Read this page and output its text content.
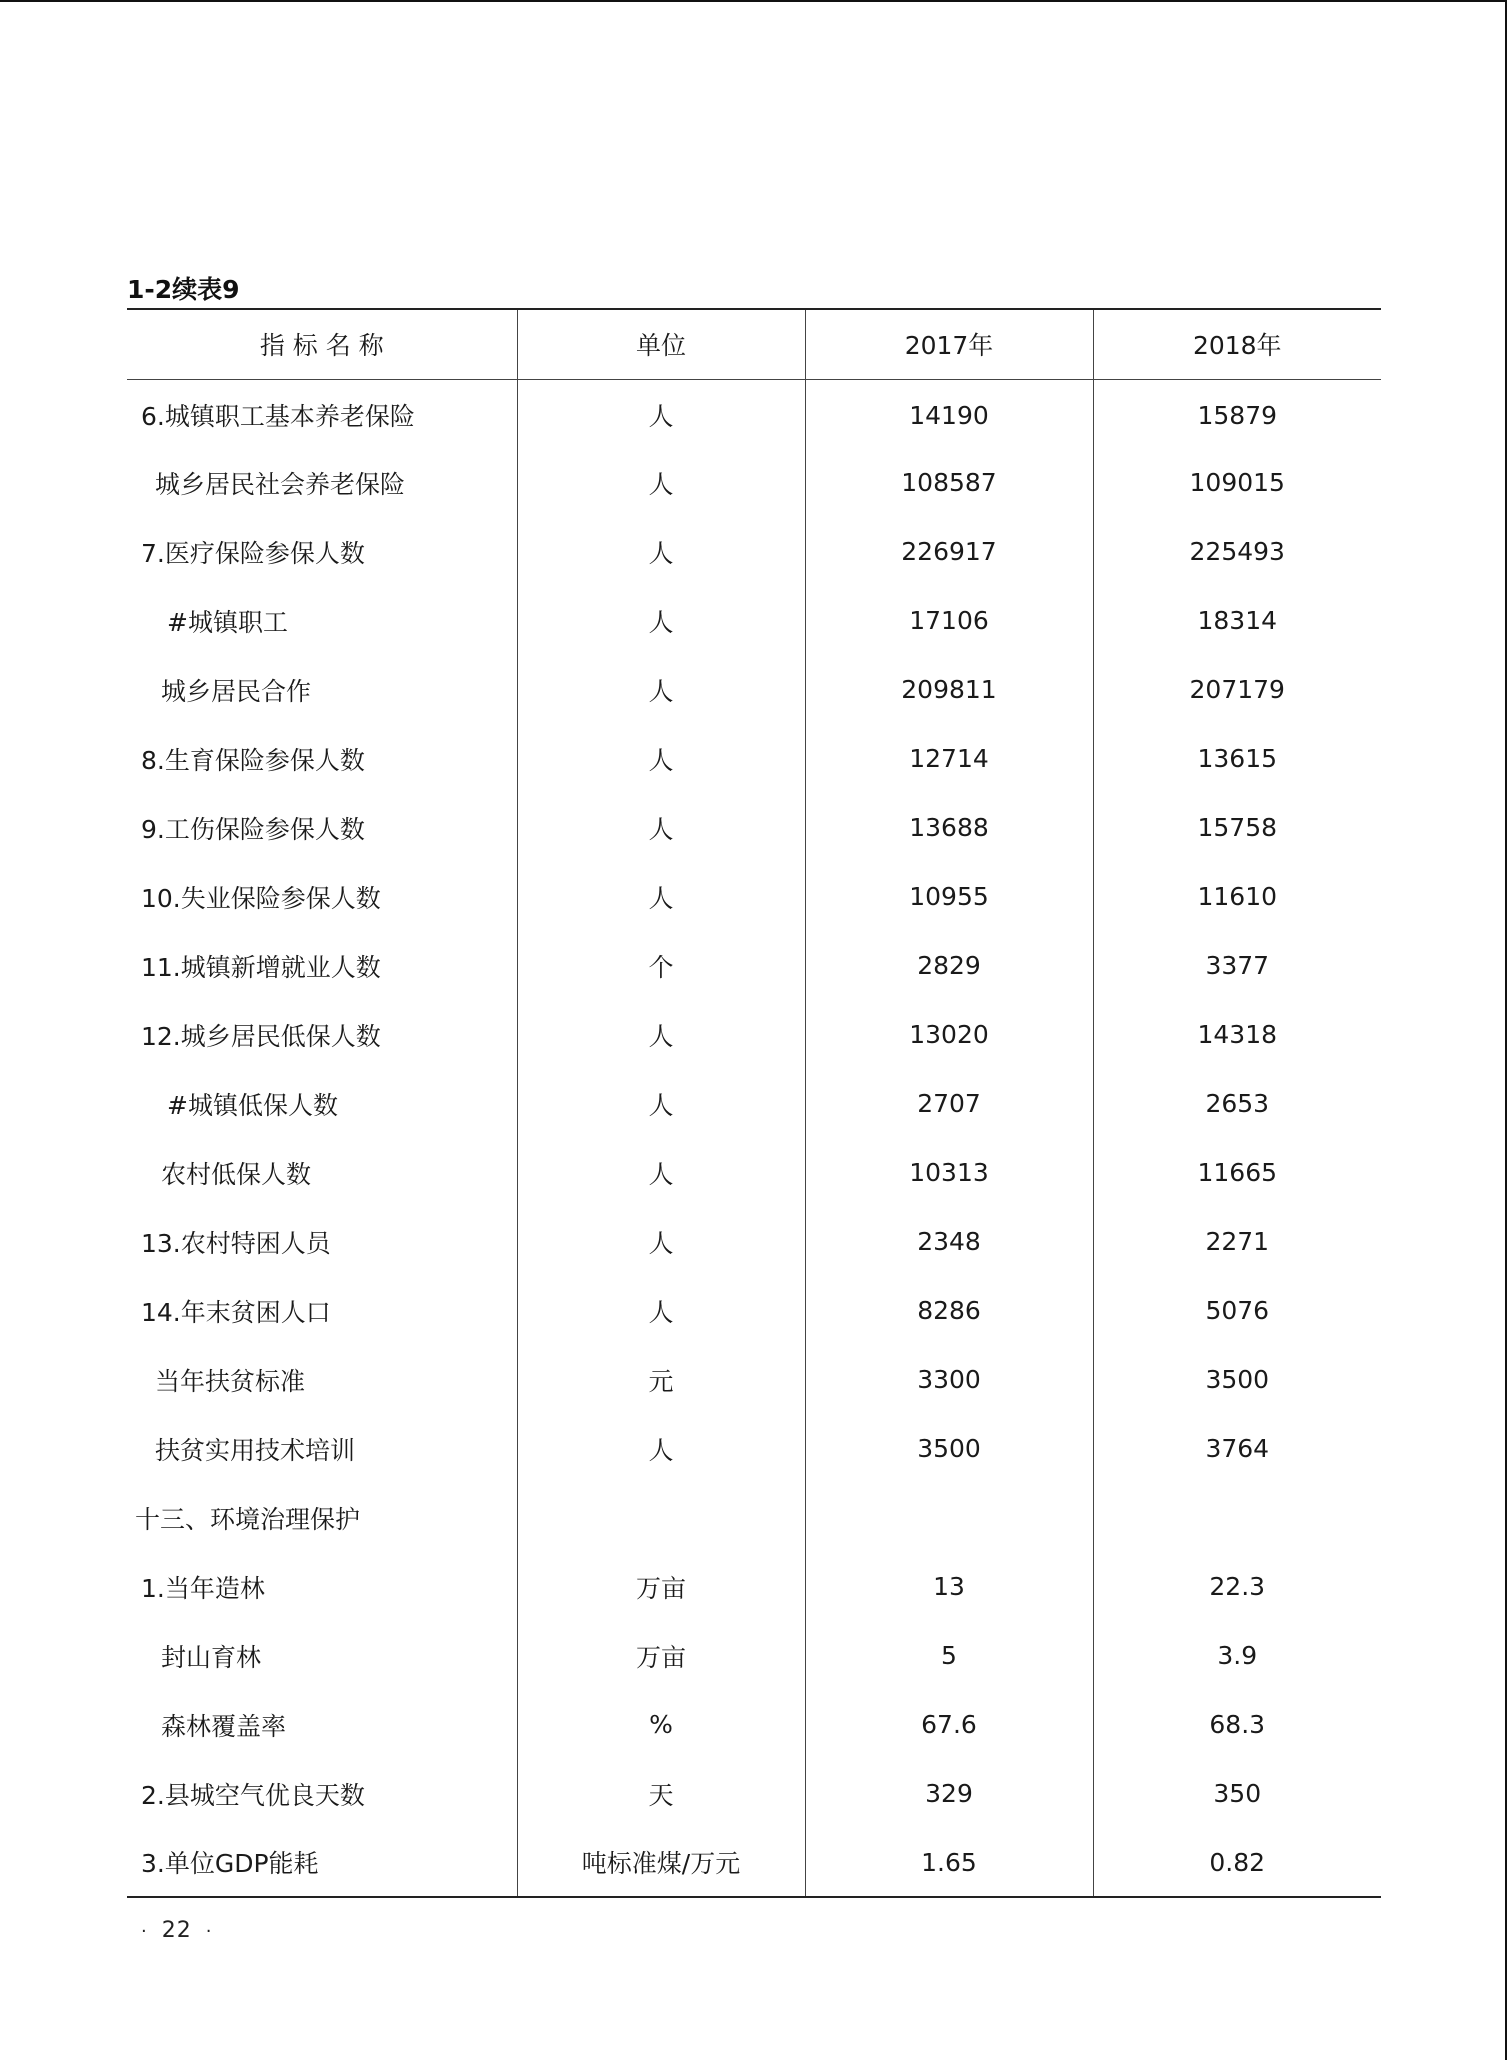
1-2续表9
指 标 名 称	单位	2017年	2018年
6.城镇职工基本养老保险	人	14190	15879
城乡居民社会养老保险	人	108587	109015
7.医疗保险参保人数	人	226917	225493
#城镇职工	人	17106	18314
城乡居民合作	人	209811	207179
8.生育保险参保人数	人	12714	13615
9.工伤保险参保人数	人	13688	15758
10.失业保险参保人数	人	10955	11610
11.城镇新增就业人数	个	2829	3377
12.城乡居民低保人数	人	13020	14318
#城镇低保人数	人	2707	2653
农村低保人数	人	10313	11665
13.农村特困人员	人	2348	2271
14.年末贫困人口	人	8286	5076
当年扶贫标准	元	3300	3500
扶贫实用技术培训	人	3500	3764
十三、环境治理保护			
1.当年造林	万亩	13	22.3
封山育林	万亩	5	3.9
森林覆盖率	%	67.6	68.3
2.县城空气优良天数	天	329	350
3.单位GDP能耗	吨标准煤/万元	1.65	0.82
· 22 ·
